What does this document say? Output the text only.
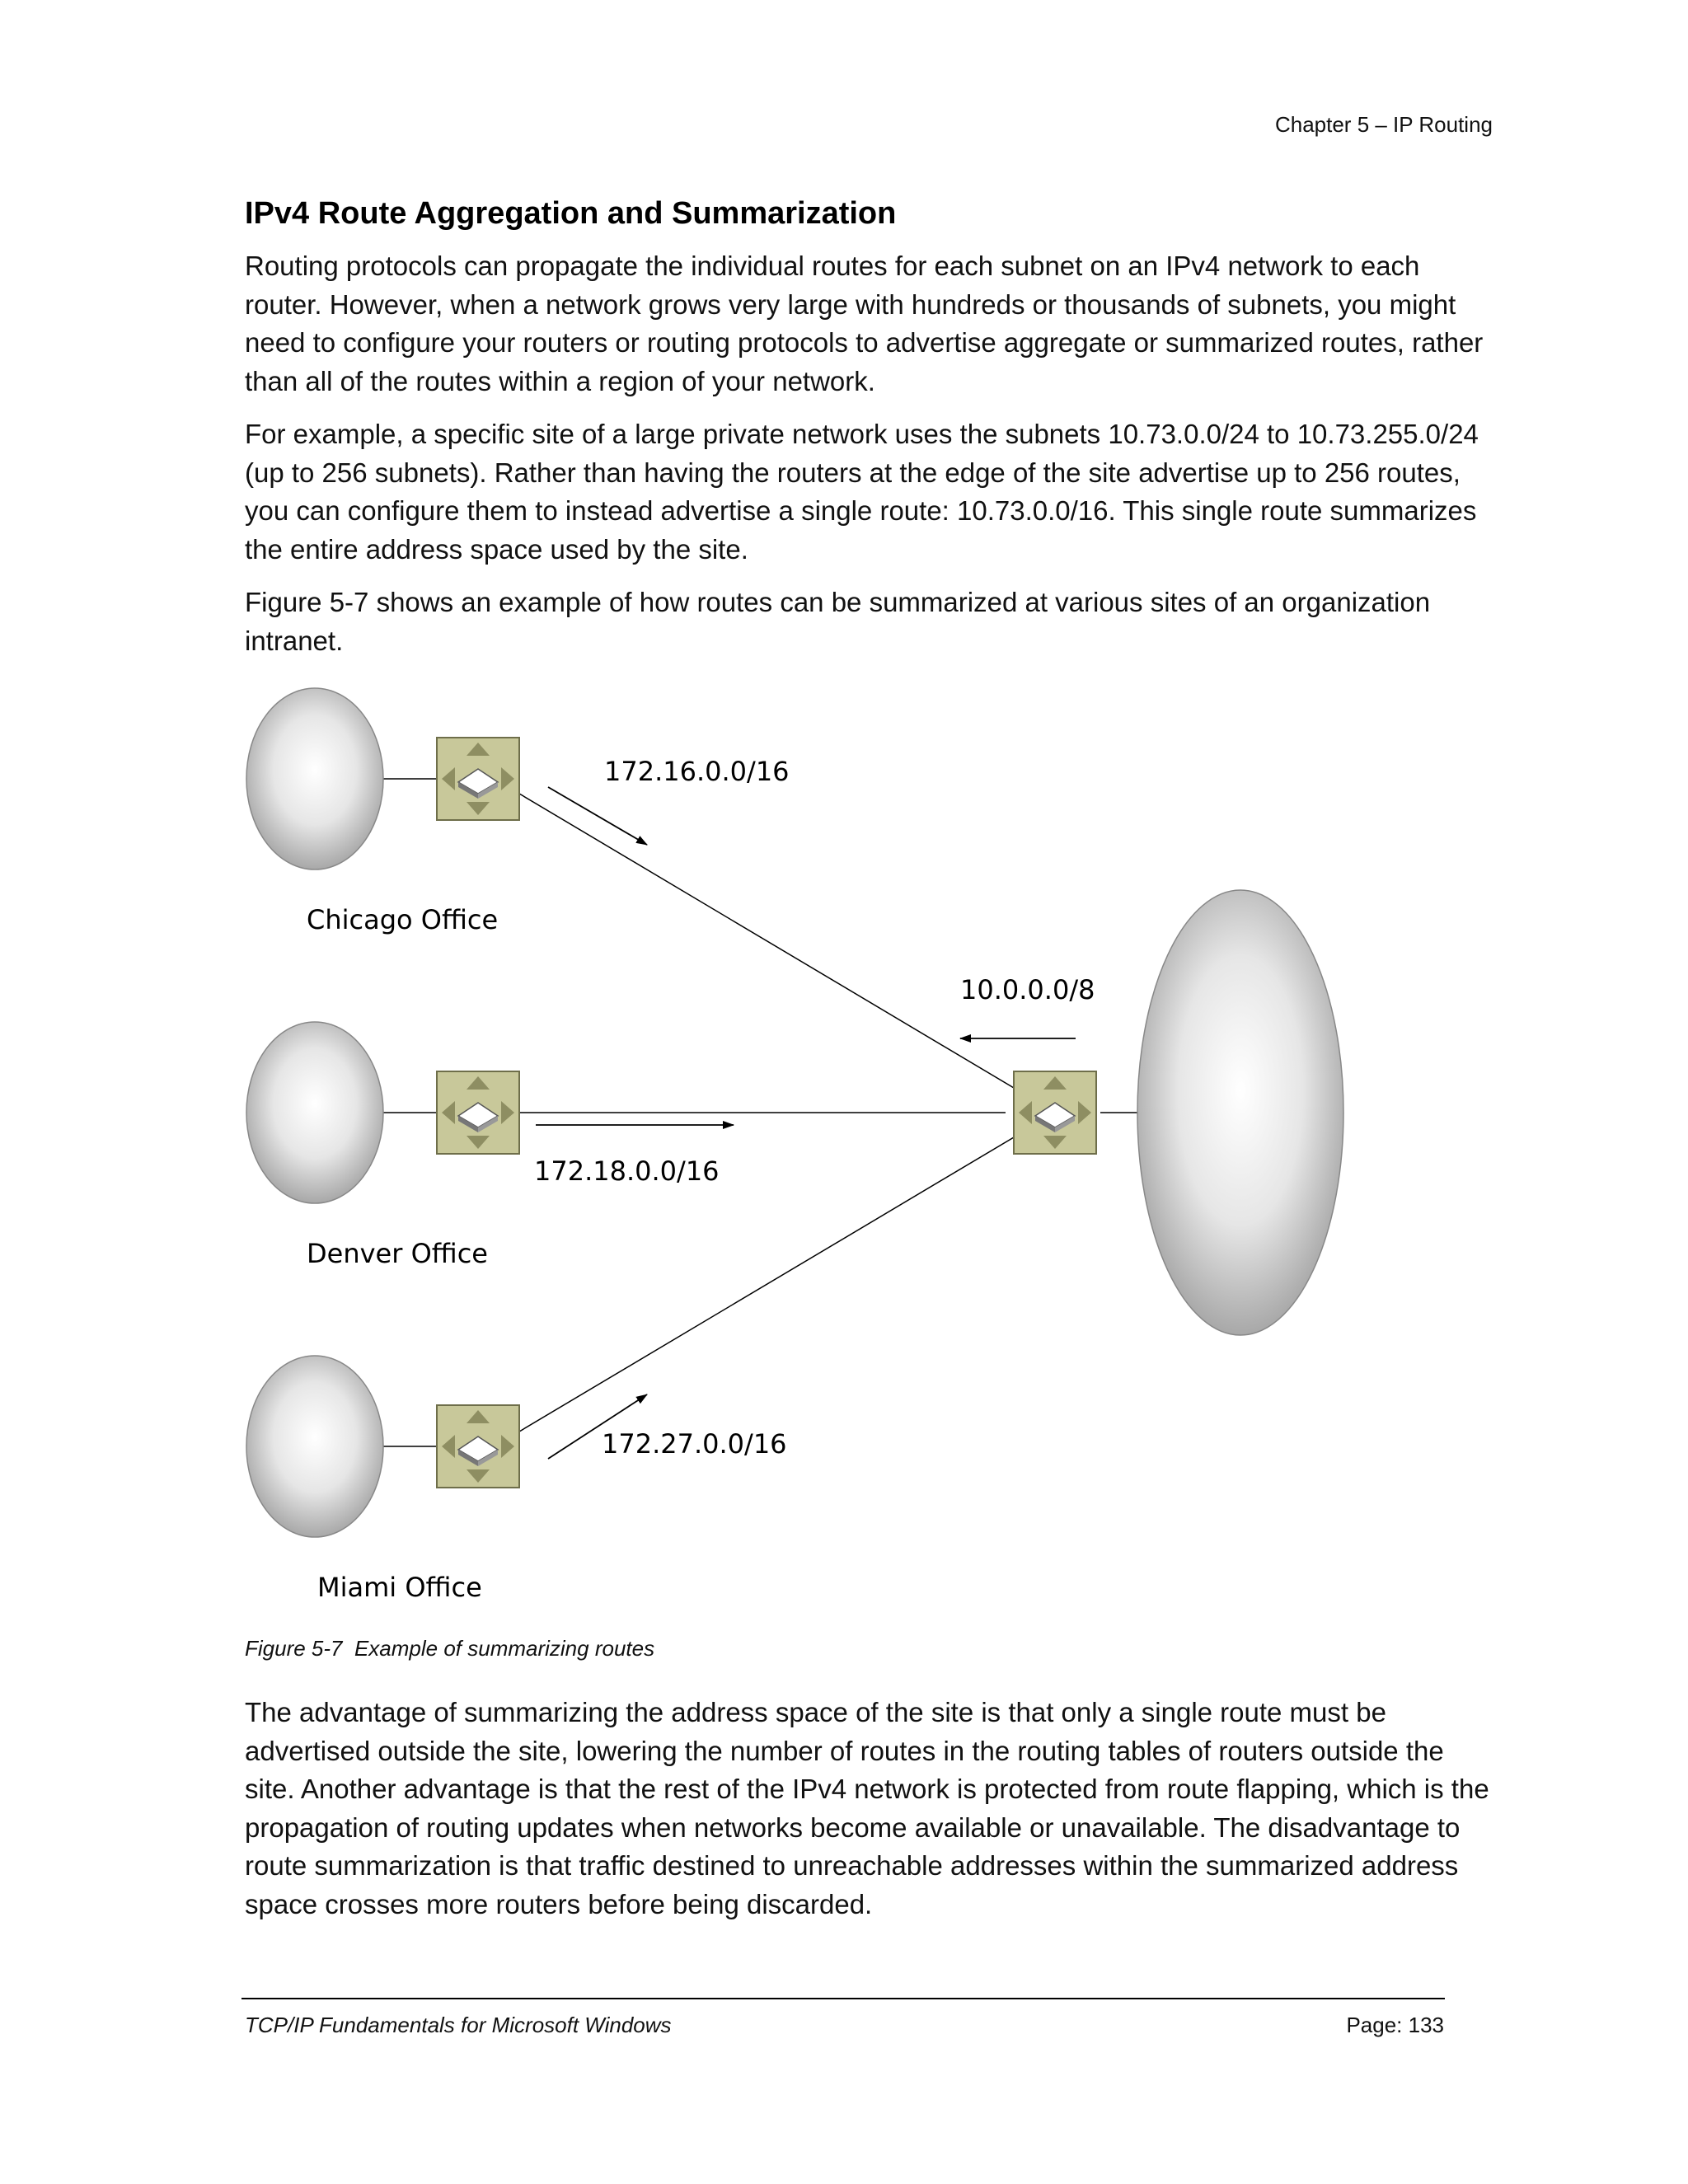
Chapter 5 – IP Routing
IPv4 Route Aggregation and Summarization

Routing protocols can propagate the individual routes for each subnet on an IPv4 network to each router. However, when a network grows very large with hundreds or thousands of subnets, you might need to configure your routers or routing protocols to advertise aggregate or summarized routes, rather than all of the routes within a region of your network.

For example, a specific site of a large private network uses the subnets 10.73.0.0/24 to 10.73.255.0/24 (up to 256 subnets). Rather than having the routers at the edge of the site advertise up to 256 routes, you can configure them to instead advertise a single route: 10.73.0.0/16. This single route summarizes the entire address space used by the site.

Figure 5-7 shows an example of how routes can be summarized at various sites of an organization intranet.

172.16.0.0/16
Chicago Office
10.0.0.0/8
172.18.0.0/16
Denver Office
172.27.0.0/16
Miami Office
Figure 5-7  Example of summarizing routes

The advantage of summarizing the address space of the site is that only a single route must be advertised outside the site, lowering the number of routes in the routing tables of routers outside the site. Another advantage is that the rest of the IPv4 network is protected from route flapping, which is the propagation of routing updates when networks become available or unavailable. The disadvantage to route summarization is that traffic destined to unreachable addresses within the summarized address space crosses more routers before being discarded.

TCP/IP Fundamentals for Microsoft Windows	Page: 133
